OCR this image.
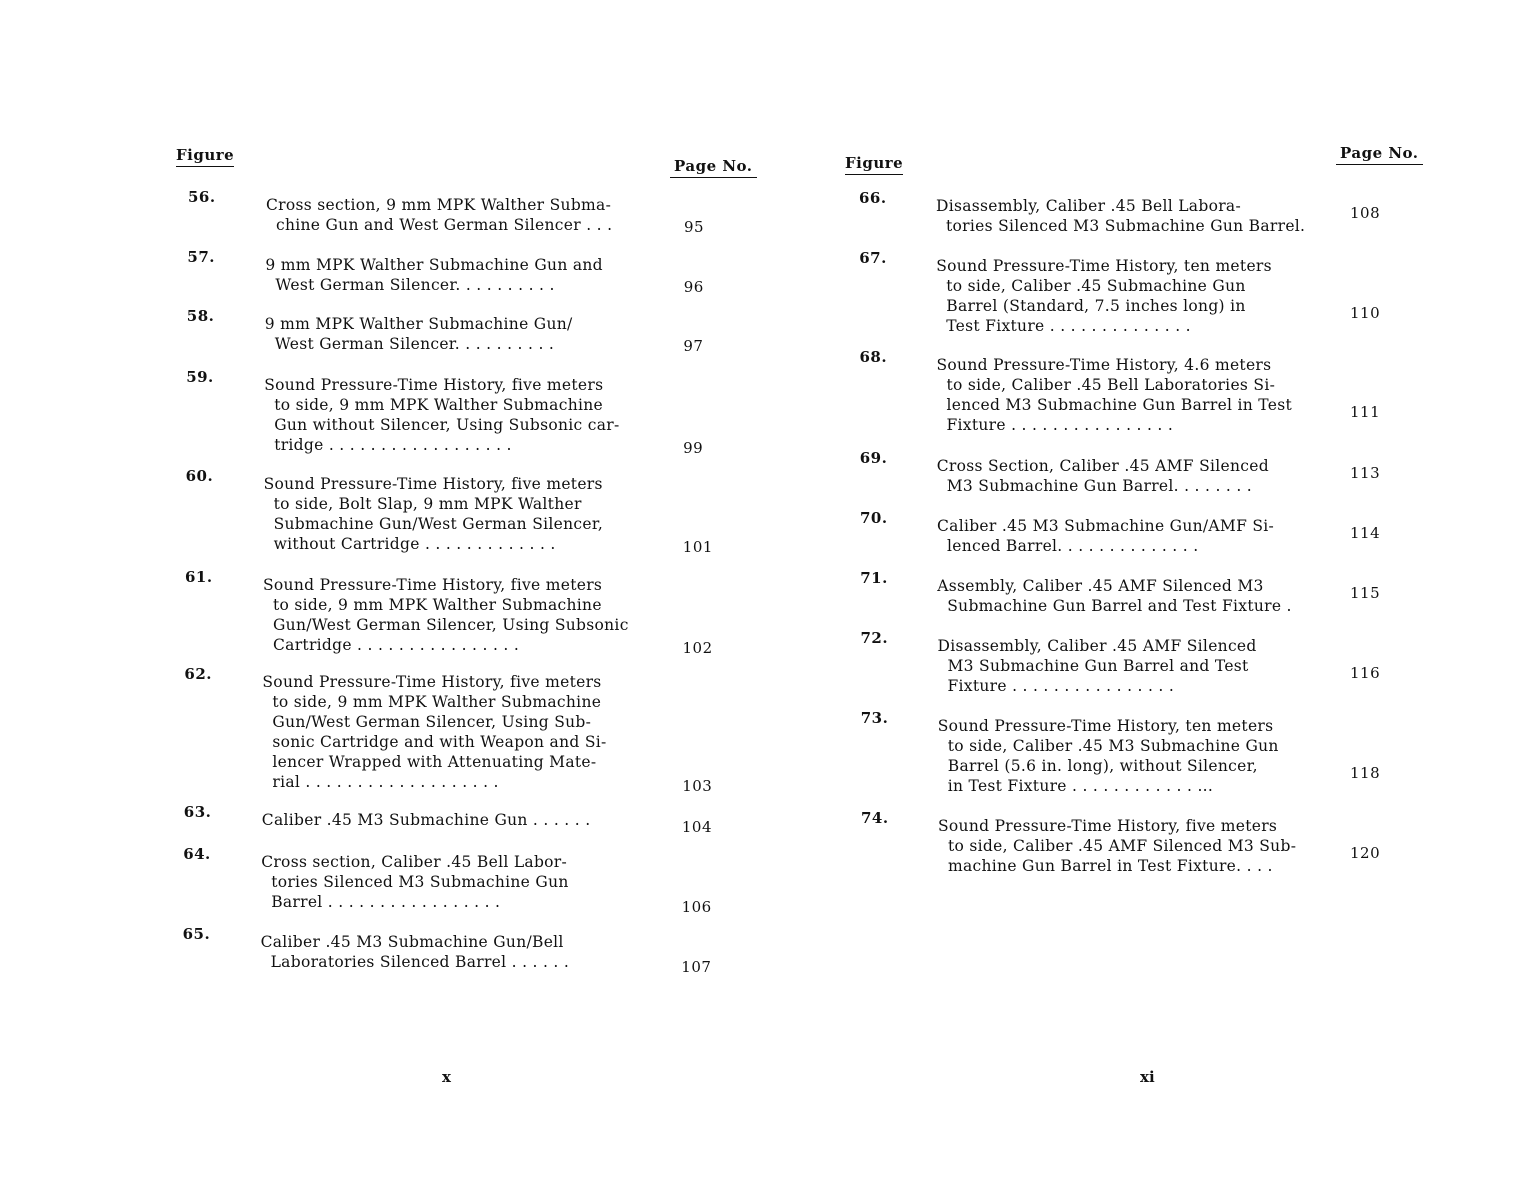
Figure
Page No.
56.	Cross section, 9 mm MPK Walther Subma-
chine Gun and West German Silencer . . .	95
57.	9 mm MPK Walther Submachine Gun and
West German Silencer. . . . . . . . . .	96
58.	9 mm MPK Walther Submachine Gun/
West German Silencer. . . . . . . . . .	97
59.	Sound Pressure-Time History, five meters
to side, 9 mm MPK Walther Submachine
Gun without Silencer, Using Subsonic car-
tridge . . . . . . . . . . . . . . . . . .	99
60.	Sound Pressure-Time History, five meters
to side, Bolt Slap, 9 mm MPK Walther
Submachine Gun/West German Silencer,
without Cartridge . . . . . . . . . . . . .	101
61.	Sound Pressure-Time History, five meters
to side, 9 mm MPK Walther Submachine
Gun/West German Silencer, Using Subsonic
Cartridge . . . . . . . . . . . . . . . .	102
62.	Sound Pressure-Time History, five meters
to side, 9 mm MPK Walther Submachine
Gun/West German Silencer, Using Sub-
sonic Cartridge and with Weapon and Si-
lencer Wrapped with Attenuating Mate-
rial . . . . . . . . . . . . . . . . . . .	103
63.	Caliber .45 M3 Submachine Gun . . . . . .	104
64.	Cross section, Caliber .45 Bell Labor-
tories Silenced M3 Submachine Gun
Barrel . . . . . . . . . . . . . . . . .	106
65.	Caliber .45 M3 Submachine Gun/Bell
Laboratories Silenced Barrel . . . . . .	107
x
Figure
Page No.
66.	Disassembly, Caliber .45 Bell Labora-
tories Silenced M3 Submachine Gun Barrel.
108
67.	Sound Pressure-Time History, ten meters
to side, Caliber .45 Submachine Gun
Barrel (Standard, 7.5 inches long) in
Test Fixture . . . . . . . . . . . . . .
110
68.	Sound Pressure-Time History, 4.6 meters
to side, Caliber .45 Bell Laboratories Si-
lenced M3 Submachine Gun Barrel in Test
Fixture . . . . . . . . . . . . . . . .
111
69.	Cross Section, Caliber .45 AMF Silenced
M3 Submachine Gun Barrel. . . . . . . .
113
70.	Caliber .45 M3 Submachine Gun/AMF Si-
lenced Barrel. . . . . . . . . . . . . .
114
71.	Assembly, Caliber .45 AMF Silenced M3
Submachine Gun Barrel and Test Fixture .
115
72.	Disassembly, Caliber .45 AMF Silenced
M3 Submachine Gun Barrel and Test
Fixture . . . . . . . . . . . . . . . .
116
73.	Sound Pressure-Time History, ten meters
to side, Caliber .45 M3 Submachine Gun
Barrel (5.6 in. long), without Silencer,
in Test Fixture . . . . . . . . . . . . ...
118
74.	Sound Pressure-Time History, five meters
to side, Caliber .45 AMF Silenced M3 Sub-
machine Gun Barrel in Test Fixture. . . .
120
xi
